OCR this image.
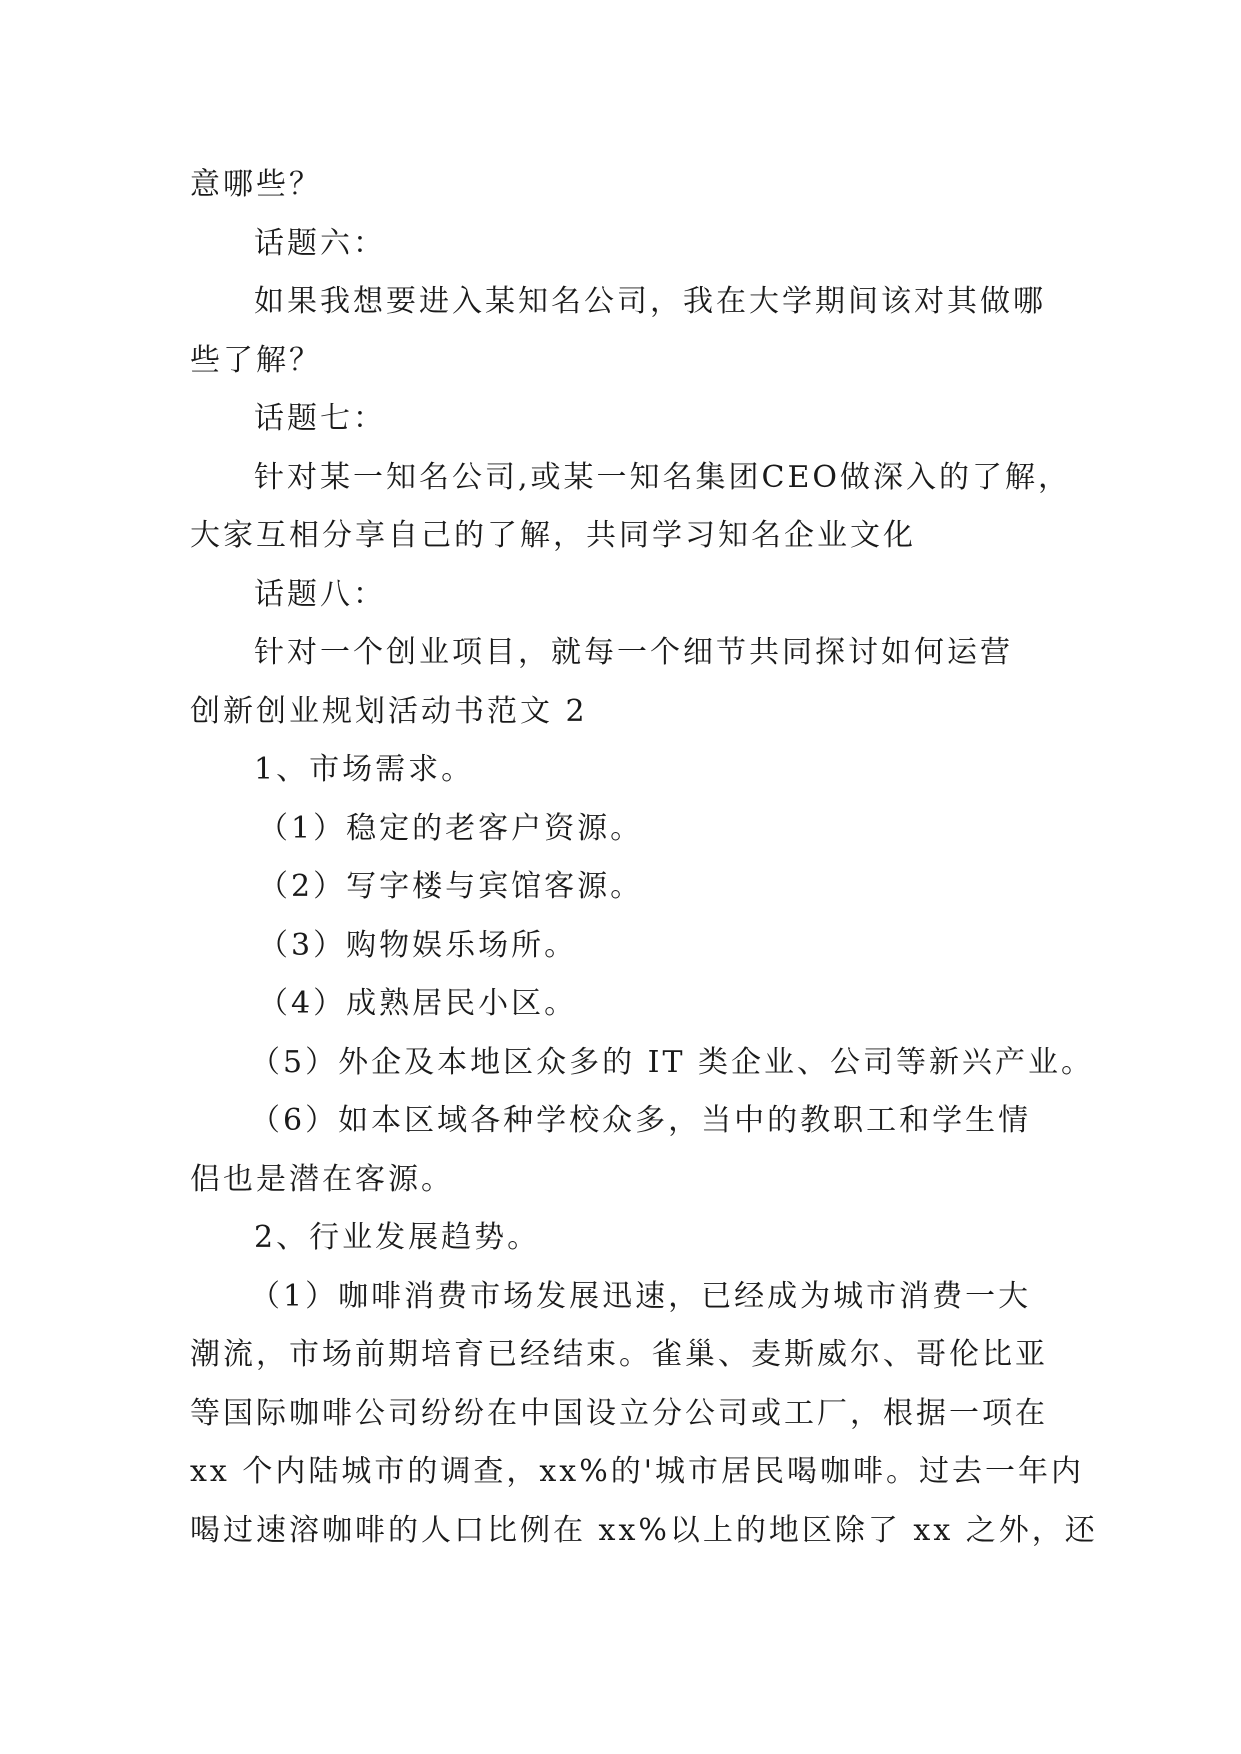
意哪些？

话题六：

如果我想要进入某知名公司，我在大学期间该对其做哪

些了解？

话题七：

针对某一知名公司,或某一知名集团CEO做深入的了解，

大家互相分享自己的了解，共同学习知名企业文化

话题八：

针对一个创业项目，就每一个细节共同探讨如何运营

创新创业规划活动书范文 2

1、市场需求。

（1）稳定的老客户资源。

（2）写字楼与宾馆客源。

（3）购物娱乐场所。

（4）成熟居民小区。

（5）外企及本地区众多的 IT 类企业、公司等新兴产业。

（6）如本区域各种学校众多，当中的教职工和学生情

侣也是潜在客源。

2、行业发展趋势。

（1）咖啡消费市场发展迅速，已经成为城市消费一大

潮流，市场前期培育已经结束。雀巢、麦斯威尔、哥伦比亚

等国际咖啡公司纷纷在中国设立分公司或工厂，根据一项在

xx 个内陆城市的调查，xx%的'城市居民喝咖啡。过去一年内

喝过速溶咖啡的人口比例在 xx%以上的地区除了 xx 之外，还
